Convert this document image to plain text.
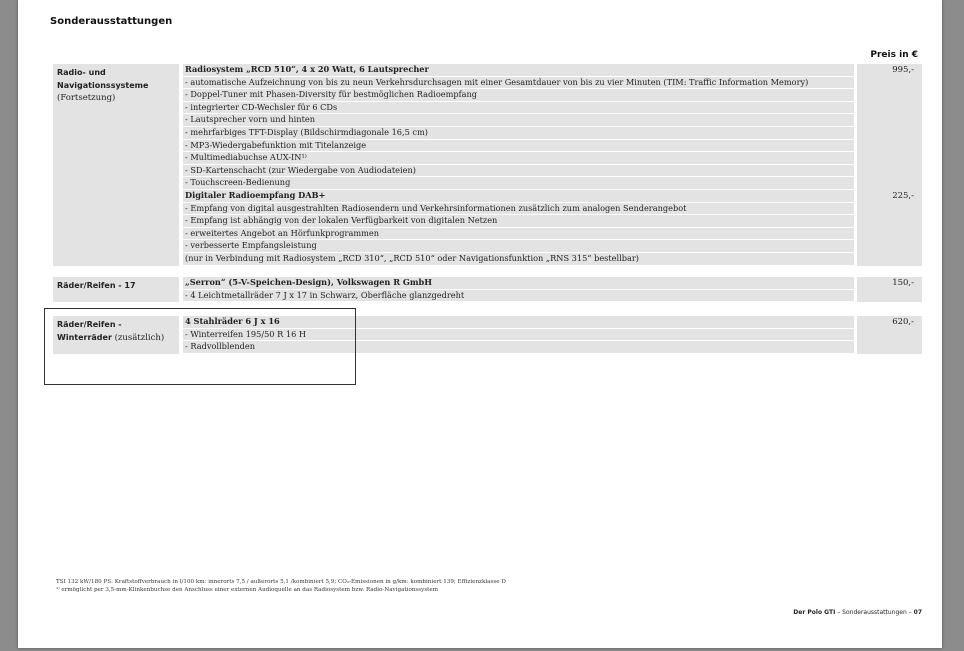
Sonderausstattungen
Preis in €
Radio- und
Navigationssysteme
(Fortsetzung)
Radiosystem „RCD 510“, 4 x 20 Watt, 6 Lautsprecher
- automatische Aufzeichnung von bis zu neun Verkehrsdurchsagen mit einer Gesamtdauer von bis zu vier Minuten (TIM: Traffic Information Memory)
- Doppel-Tuner mit Phasen-Diversity für bestmöglichen Radioempfang
- integrierter CD-Wechsler für 6 CDs
- Lautsprecher vorn und hinten
- mehrfarbiges TFT-Display (Bildschirmdiagonale 16,5 cm)
- MP3-Wiedergabefunktion mit Titelanzeige
- Multimediabuchse AUX-IN¹⁾
- SD-Kartenschacht (zur Wiedergabe von Audiodateien)
- Touchscreen-Bedienung
Digitaler Radioempfang DAB+
- Empfang von digital ausgestrahlten Radiosendern und Verkehrsinformationen zusätzlich zum analogen Senderangebot
- Empfang ist abhängig von der lokalen Verfügbarkeit von digitalen Netzen
- erweitertes Angebot an Hörfunkprogrammen
- verbesserte Empfangsleistung
(nur in Verbindung mit Radiosystem „RCD 310“, „RCD 510“ oder Navigationsfunktion „RNS 315“ bestellbar)
995,-
225,-
Räder/Reifen - 17	„Serron“ (5-V-Speichen-Design), Volkswagen R GmbH
- 4 Leichtmetallräder 7 J x 17 in Schwarz, Oberfläche glanzgedreht
150,-
Räder/Reifen -
Winterräder (zusätzlich)
4 Stahlräder 6 J x 16
- Winterreifen 195/50 R 16 H
- Radvollblenden
620,-
TSI 132 kW/180 PS: Kraftstoffverbrauch in l/100 km: innerorts 7,5 / außerorts 5,1 /kombiniert 5,9; CO₂-Emissionen in g/km: kombiniert 139; Effizienzklasse D
¹⁾ ermöglicht per 3,5-mm-Klinkenbuchse den Anschluss einer externen Audioquelle an das Radiosystem bzw. Radio-Navigationssystem
Der Polo GTI – Sonderausstattungen – 07
